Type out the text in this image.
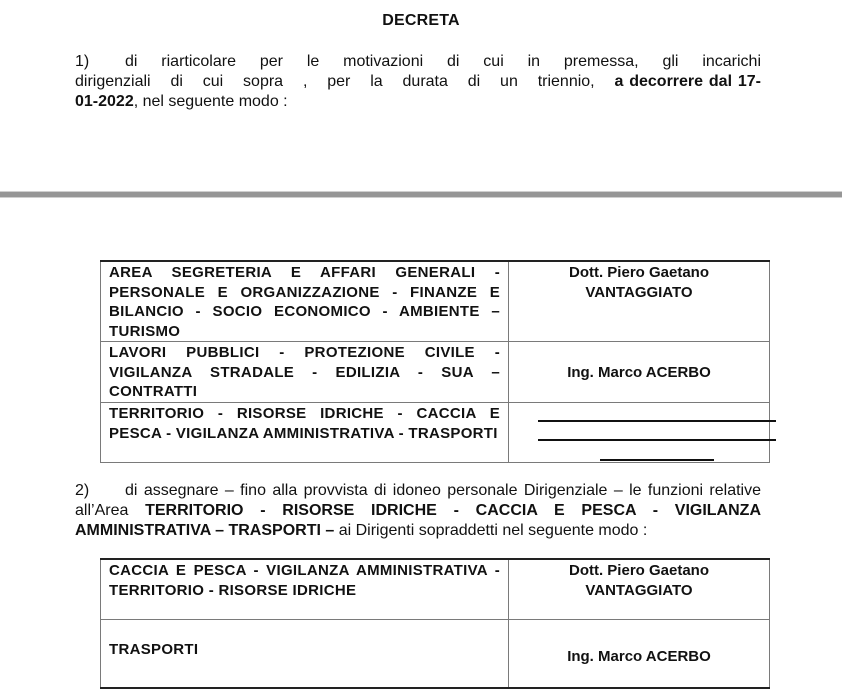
DECRETA
1) di riarticolare per le motivazioni di cui in premessa, gli incarichi dirigenziali di cui sopra , per la durata di un triennio, a decorrere dal 17-01-2022, nel seguente modo :
AREA SEGRETERIA E AFFARI GENERALI - PERSONALE E ORGANIZZAZIONE - FINANZE E BILANCIO - SOCIO ECONOMICO - AMBIENTE – TURISMO	Dott. Piero Gaetano
VANTAGGIATO

LAVORI PUBBLICI - PROTEZIONE CIVILE - VIGILANZA STRADALE - EDILIZIA - SUA – CONTRATTI	Ing. Marco ACERBO

TERRITORIO - RISORSE IDRICHE - CACCIA E PESCA - VIGILANZA AMMINISTRATIVA - TRASPORTI	

2) di assegnare – fino alla provvista di idoneo personale Dirigenziale – le funzioni relative all’Area TERRITORIO - RISORSE IDRICHE - CACCIA E PESCA - VIGILANZA AMMINISTRATIVA – TRASPORTI – ai Dirigenti sopraddetti nel seguente modo :
CACCIA E PESCA - VIGILANZA AMMINISTRATIVA - TERRITORIO - RISORSE IDRICHE	Dott. Piero Gaetano
VANTAGGIATO

TRASPORTI	Ing. Marco ACERBO
